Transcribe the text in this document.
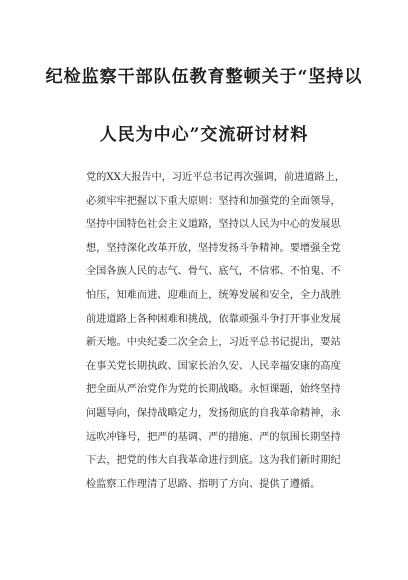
纪检监察干部队伍教育整顿关于“坚持以
人民为中心”交流研讨材料
党的XX大报告中，习近平总书记再次强调，前进道路上，
必须牢牢把握以下重大原则：坚持和加强党的全面领导，
坚持中国特色社会主义道路，坚持以人民为中心的发展思
想，坚持深化改革开放，坚持发扬斗争精神。要增强全党
全国各族人民的志气、骨气、底气，不信邪、不怕鬼、不
怕压，知难而进、迎难而上，统筹发展和安全，全力战胜
前进道路上各种困难和挑战，依靠顽强斗争打开事业发展
新天地。中央纪委二次全会上，习近平总书记提出，要站
在事关党长期执政、国家长治久安、人民幸福安康的高度
把全面从严治党作为党的长期战略。永恒课题，始终坚持
问题导向，保持战略定力，发扬彻底的自我革命精神，永
远吹冲锋号，把严的基调、严的措施、严的氛围长期坚持
下去，把党的伟大自我革命进行到底。这为我们新时期纪
检监察工作理清了思路、指明了方向、提供了遵循。
